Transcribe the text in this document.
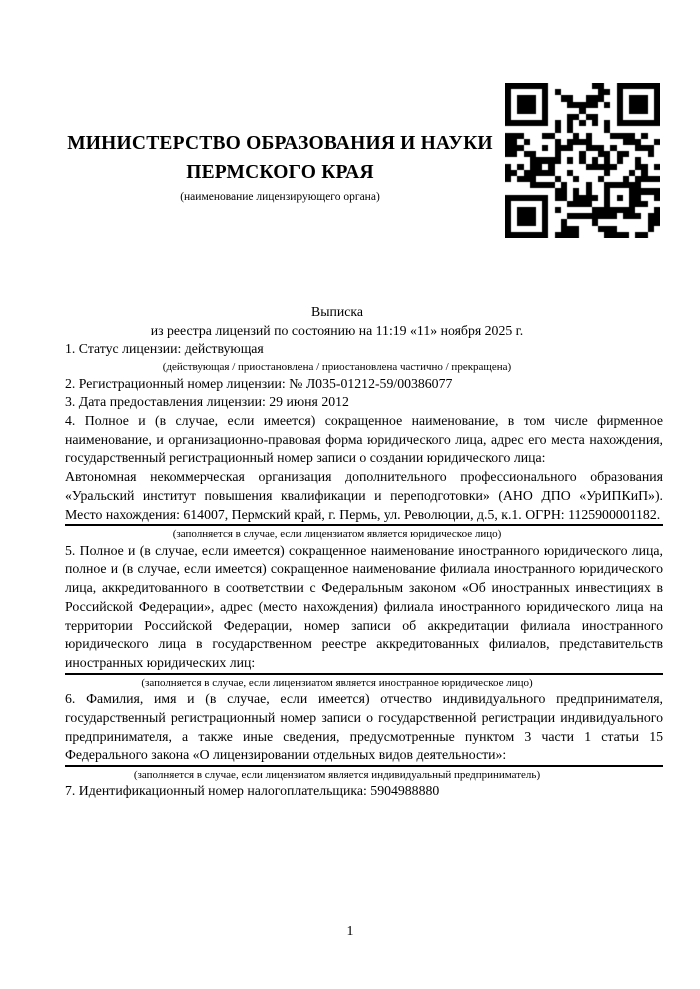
МИНИСТЕРСТВО ОБРАЗОВАНИЯ И НАУКИ
ПЕРМСКОГО КРАЯ
(наименование лицензирующего органа)

Выписка

из реестра лицензий по состоянию на 11:19 «11» ноября 2025 г.

1. Статус лицензии: действующая

(действующая / приостановлена / приостановлена частично / прекращена)

2. Регистрационный номер лицензии: № Л035-01212-59/00386077

3. Дата предоставления лицензии: 29 июня 2012

4. Полное и (в случае, если имеется) сокращенное наименование, в том числе фирменное наименование, и организационно-правовая форма юридического лица, адрес его места нахождения, государственный регистрационный номер записи о создании юридического лица:

Автономная некоммерческая организация дополнительного профессионального образования «Уральский институт повышения квалификации и переподготовки» (АНО ДПО «УрИПКиП»). Место нахождения: 614007, Пермский край, г. Пермь, ул. Революции, д.5, к.1. ОГРН: 1125900001182.

(заполняется в случае, если лицензиатом является юридическое лицо)

5. Полное и (в случае, если имеется) сокращенное наименование иностранного юридического лица, полное и (в случае, если имеется) сокращенное наименование филиала иностранного юридического лица, аккредитованного в соответствии с Федеральным законом «Об иностранных инвестициях в Российской Федерации», адрес (место нахождения) филиала иностранного юридического лица на территории Российской Федерации, номер записи об аккредитации филиала иностранного юридического лица в государственном реестре аккредитованных филиалов, представительств иностранных юридических лиц:

(заполняется в случае, если лицензиатом является иностранное юридическое лицо)

6. Фамилия, имя и (в случае, если имеется) отчество индивидуального предпринимателя, государственный регистрационный номер записи о государственной регистрации индивидуального предпринимателя, а также иные сведения, предусмотренные пунктом 3 части 1 статьи 15 Федерального закона «О лицензировании отдельных видов деятельности»:

(заполняется в случае, если лицензиатом является индивидуальный предприниматель)

7. Идентификационный номер налогоплательщика: 5904988880

1
